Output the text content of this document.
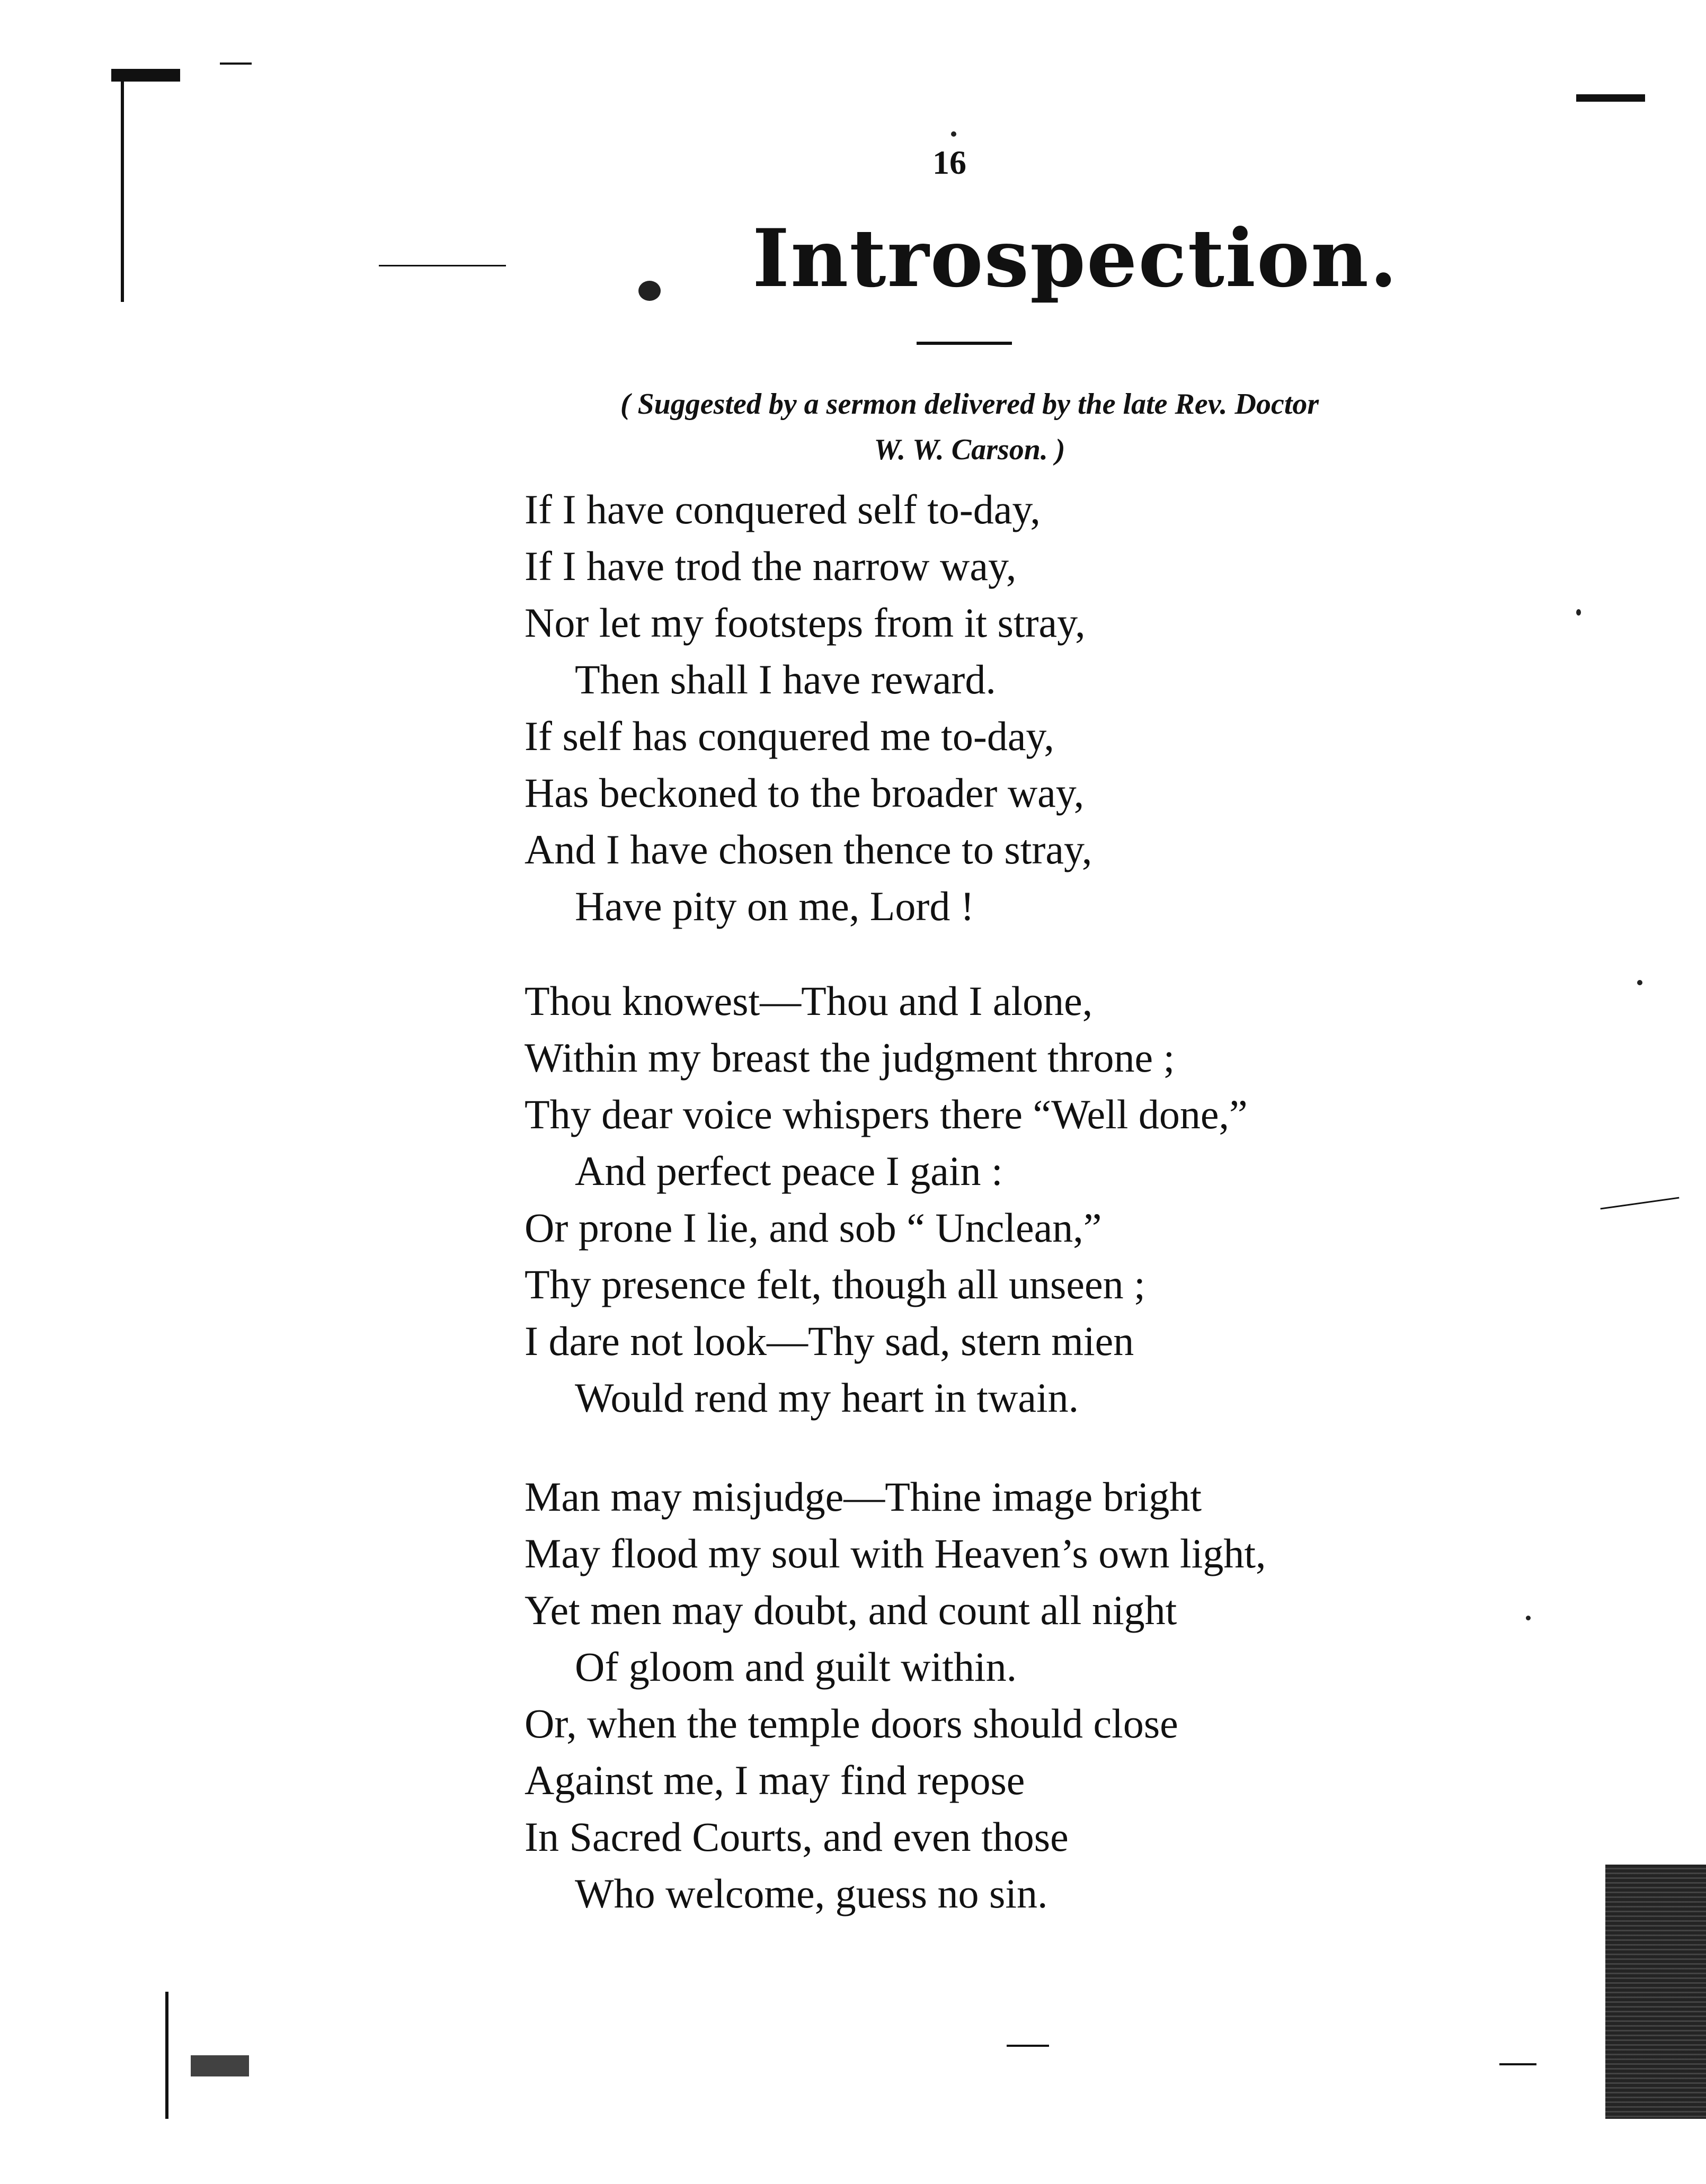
16
Introspection.
( Suggested by a sermon delivered by the late Rev. Doctor
W. W. Carson. )
If I have conquered self to-day,
If I have trod the narrow way,
Nor let my footsteps from it stray,
Then shall I have reward.
If self has conquered me to-day,
Has beckoned to the broader way,
And I have chosen thence to stray,
Have pity on me, Lord !
Thou knowest—Thou and I alone,
Within my breast the judgment throne ;
Thy dear voice whispers there “Well done,”
And perfect peace I gain :
Or prone I lie, and sob “ Unclean,”
Thy presence felt, though all unseen ;
I dare not look—Thy sad, stern mien
Would rend my heart in twain.
Man may misjudge—Thine image bright
May flood my soul with Heaven’s own light,
Yet men may doubt, and count all night
Of gloom and guilt within.
Or, when the temple doors should close
Against me, I may find repose
In Sacred Courts, and even those
Who welcome, guess no sin.
